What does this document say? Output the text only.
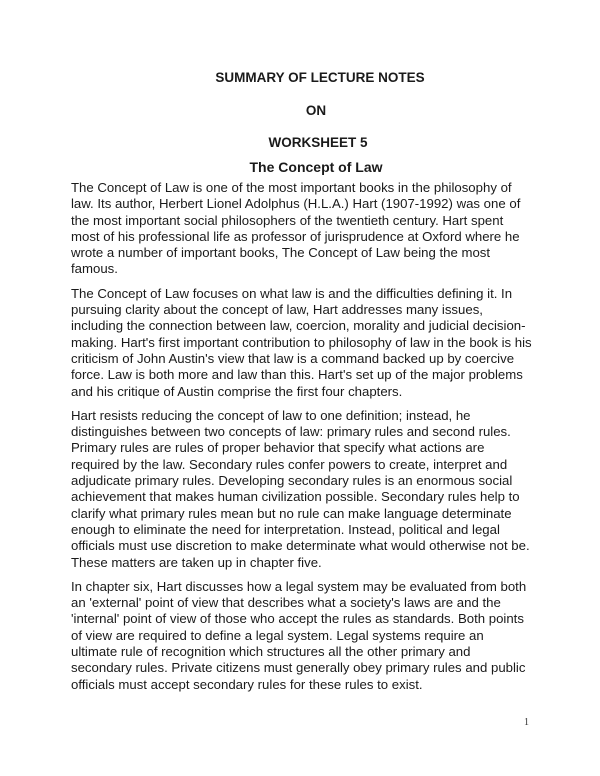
SUMMARY OF LECTURE NOTES
ON
WORKSHEET 5
The Concept of Law

The Concept of Law is one of the most important books in the philosophy of law. Its author, Herbert Lionel Adolphus (H.L.A.) Hart (1907-1992) was one of the most important social philosophers of the twentieth century. Hart spent most of his professional life as professor of jurisprudence at Oxford where he wrote a number of important books, The Concept of Law being the most famous.

The Concept of Law focuses on what law is and the difficulties defining it. In pursuing clarity about the concept of law, Hart addresses many issues, including the connection between law, coercion, morality and judicial decision-making. Hart's first important contribution to philosophy of law in the book is his criticism of John Austin's view that law is a command backed up by coercive force. Law is both more and law than this. Hart's set up of the major problems and his critique of Austin comprise the first four chapters.

Hart resists reducing the concept of law to one definition; instead, he distinguishes between two concepts of law: primary rules and second rules. Primary rules are rules of proper behavior that specify what actions are required by the law. Secondary rules confer powers to create, interpret and adjudicate primary rules. Developing secondary rules is an enormous social achievement that makes human civilization possible. Secondary rules help to clarify what primary rules mean but no rule can make language determinate enough to eliminate the need for interpretation. Instead, political and legal officials must use discretion to make determinate what would otherwise not be. These matters are taken up in chapter five.

In chapter six, Hart discusses how a legal system may be evaluated from both an 'external' point of view that describes what a society's laws are and the 'internal' point of view of those who accept the rules as standards. Both points of view are required to define a legal system. Legal systems require an ultimate rule of recognition which structures all the other primary and secondary rules. Private citizens must generally obey primary rules and public officials must accept secondary rules for these rules to exist.

1
